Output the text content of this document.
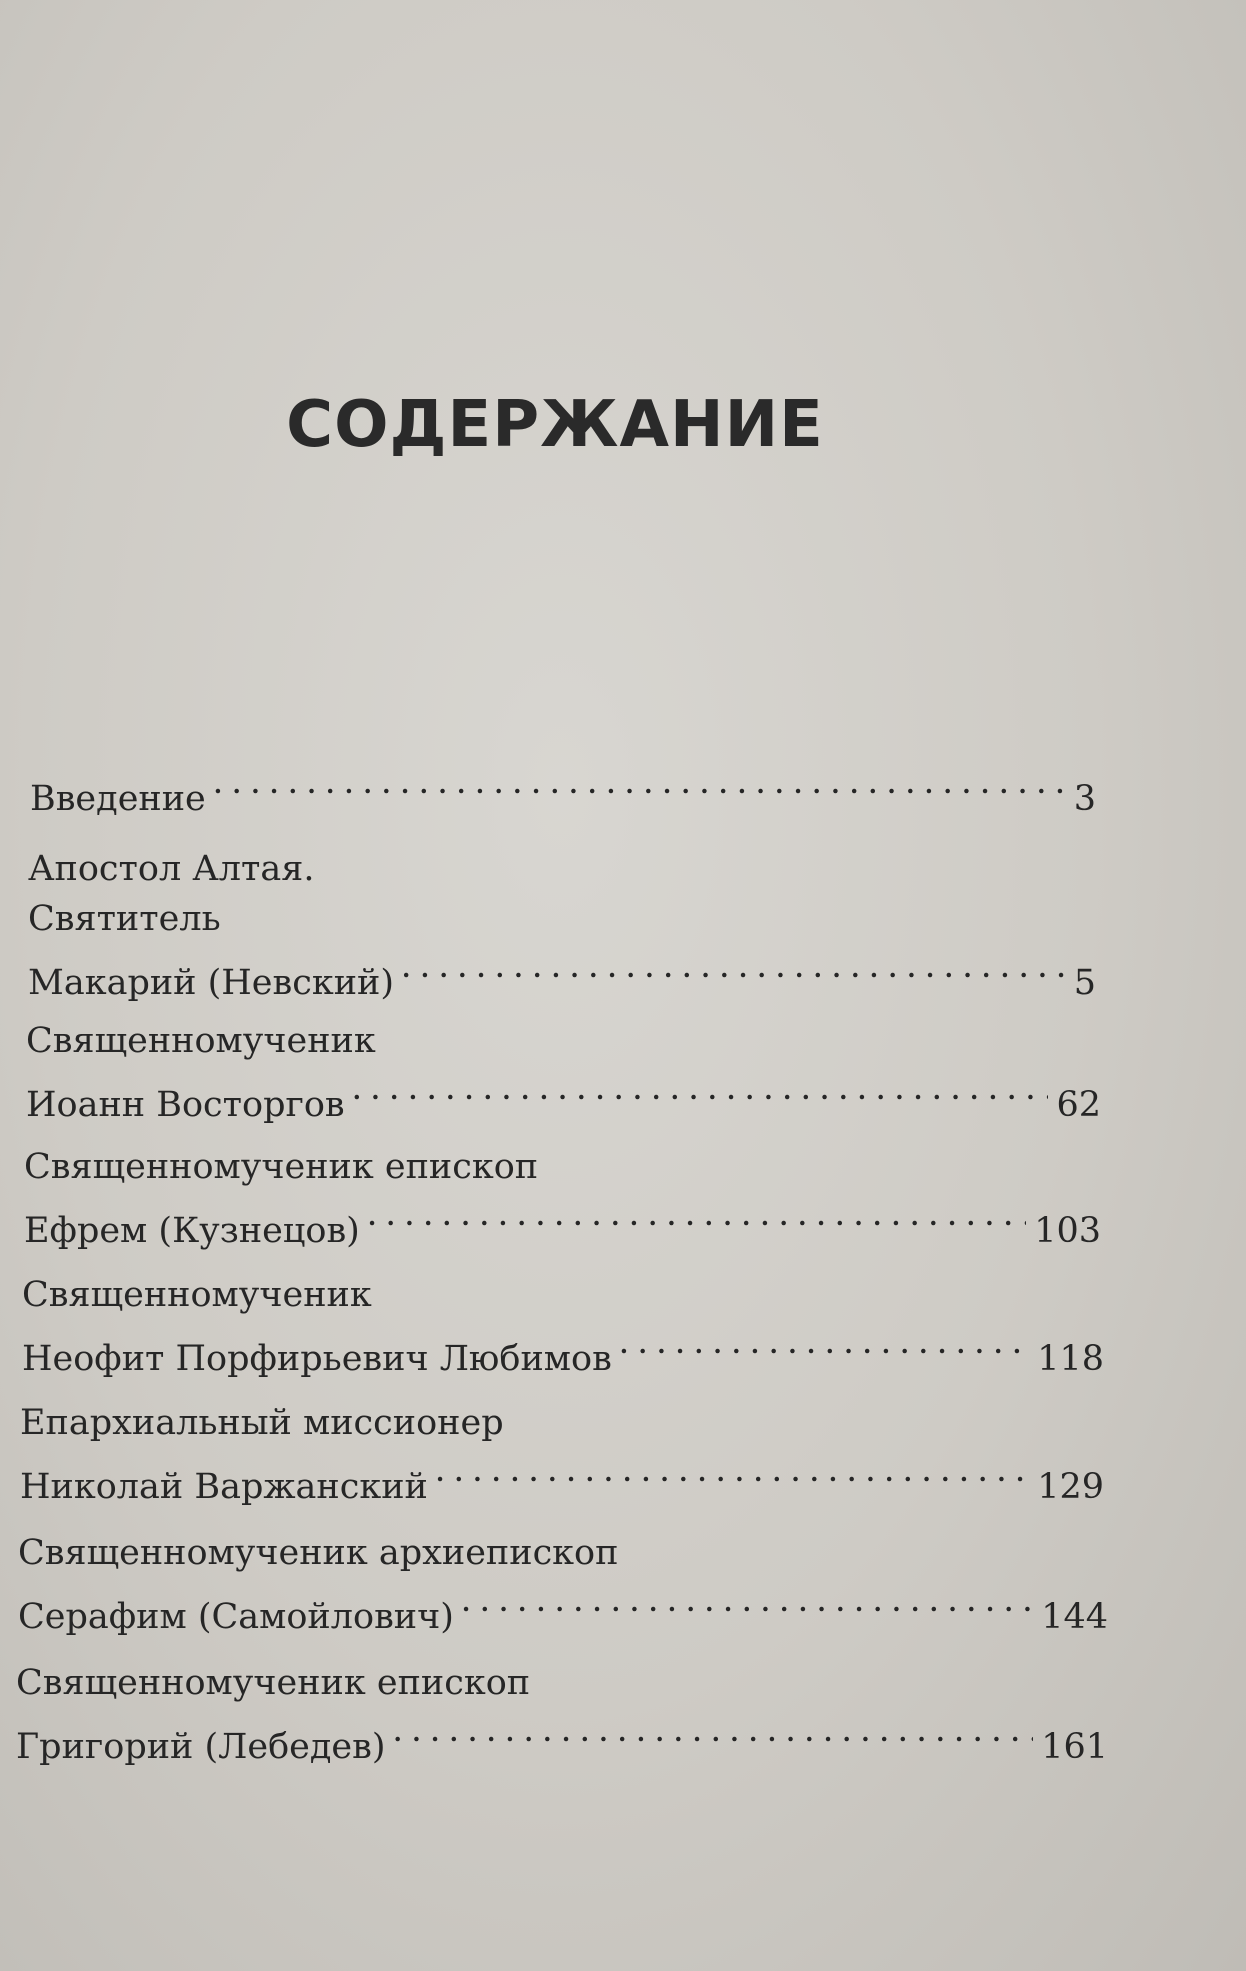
СОДЕРЖАНИЕ
Введение . . .	3
Апостол Алтая.
Святитель
Макарий (Невский) . . .	5
Священномученик
Иоанн Восторгов . . .	62
Священномученик епископ
Ефрем (Кузнецов) . . .	103
Священномученик
Неофит Порфирьевич Любимов . . .	118
Епархиальный миссионер
Николай Варжанский . . .	129
Священномученик архиепископ
Серафим (Самойлович) . . .	144
Священномученик епископ
Григорий (Лебедев) . . .	161
